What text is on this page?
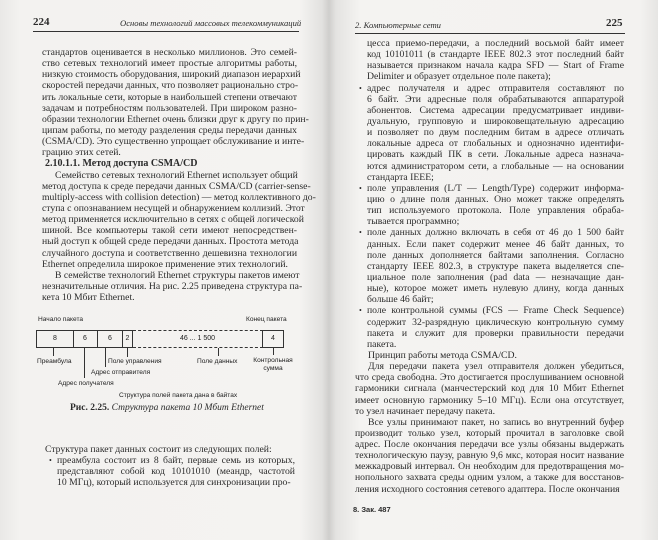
224	Основы технологий массовых телекоммуникаций	2. Компьютерные сети	225
стандартов оценивается в несколько миллионов. Это семей-
ство сетевых технологий имеет простые алгоритмы работы,
низкую стоимость оборудования, широкий диапазон иерархий
скоростей передачи данных, что позволяет рационально стро-
ить локальные сети, которые в наибольшей степени отвечают
задачам и потребностям пользователей. При широком разно-
образии технологии Ethernet очень близки друг к другу по прин-
ципам работы, по методу разделения среды передачи данных
(CSMA/CD). Это существенно упрощает обслуживание и инте-
грацию этих сетей.
2.10.1.1. Метод доступа CSMA/CD
Семейство сетевых технологий Ethernet использует общий
метод доступа к среде передачи данных CSMA/CD (carrier-sense-
multiply-access with collision detection) — метод коллективного до-
ступа с опознаванием несущей и обнаружением коллизий. Этот
метод применяется исключительно в сетях с общей логической
шиной. Все компьютеры такой сети имеют непосредствен-
ный доступ к общей среде передачи данных. Простота метода
случайного доступа и соответственно дешевизна технологии
Ethernet определила широкое применение этих технологий.
В семействе технологий Ethernet структуры пакетов имеют
незначительные отличия. На рис. 2.25 приведена структура па-
кета 10 Мбит Ethernet.
Структура пакет данных состоит из следующих полей:
• преамбула состоит из 8 байт, первые семь из которых,
представляют собой код 10101010 (меандр, частотой
10 МГц), который используется для синхронизации про-
цесса приемо-передачи, а последний восьмой байт имеет
код 10101011 (в стандарте IEEE 802.3 этот последний байт
называется признаком начала кадра SFD — Start of Frame
Delimiter и образует отдельное поле пакета);
• адрес получателя и адрес отправителя составляют по
6 байт. Эти адресные поля обрабатываются аппаратурой
абонентов. Система адресации предусматривает индиви-
дуальную, групповую и широковещательную адресацию
и позволяет по двум последним битам в адресе отличать
локальные адреса от глобальных и однозначно идентифи-
цировать каждый ПК в сети. Локальные адреса назнача-
ются администратором сети, а глобальные — на основании
стандарта IEEE;
• поле управления (L/T — Length/Type) содержит информа-
цию о длине поля данных. Оно может также определять
тип используемого протокола. Поле управления обраба-
тывается программно;
• поле данных должно включать в себя от 46 до 1 500 байт
данных. Если пакет содержит менее 46 байт данных, то
поле данных дополняется байтами заполнения. Согласно
стандарту IEEE 802.3, в структуре пакета выделяется спе-
циальное поле заполнения (pad data — незначащие дан-
ные), которое может иметь нулевую длину, когда данных
больше 46 байт;
• поле контрольной суммы (FCS — Frame Check Sequence)
содержит 32-разрядную циклическую контрольную сумму
пакета и служит для проверки правильности передачи
пакета.
Принцип работы метода CSMA/CD.
Для передачи пакета узел отправителя должен убедиться,
что среда свободна. Это достигается прослушиванием основной
гармоники сигнала (манчестерский код для 10 Мбит Ethernet
имеет основную гармонику 5–10 МГц). Если она отсутствует,
то узел начинает передачу пакета.
Все узлы принимают пакет, но запись во внутренний буфер
производит только узел, который прочитал в заголовке свой
адрес. После окончания передачи все узлы обязаны выдержать
технологическую паузу, равную 9,6 мкс, которая носит название
межкадровый интервал. Он необходим для предотвращения мо-
нопольного захвата среды одним узлом, а также для восстанов-
ления исходного состояния сетевого адаптера. После окончания
Начало пакета	Конец пакета
8	6	6	2	46 ... 1 500	4
Преамбула	Поле управления	Поле данных Контрольная сумма
Адрес отправителя
Адрес получателя
Структура полей пакета дана в байтах
Рис. 2.25. Структура пакета 10 Мбит Ethernet
8. Зак. 487
